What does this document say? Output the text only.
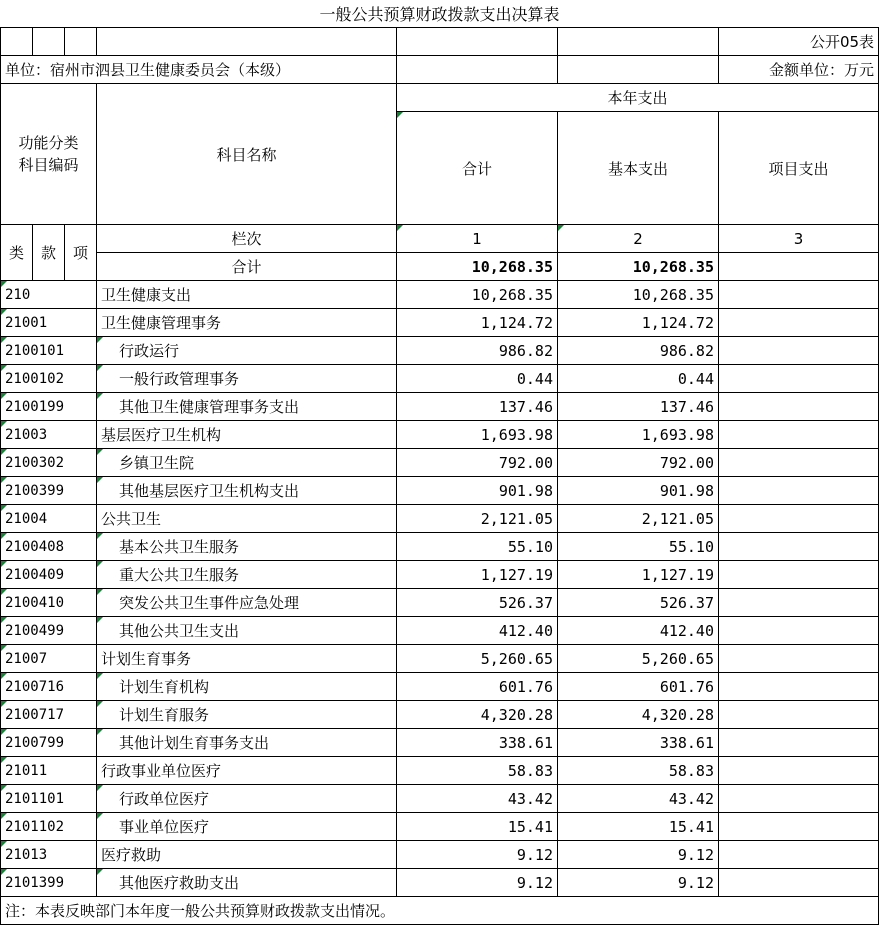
一般公共预算财政拨款支出决算表						
						公开05表
单位：宿州市泗县卫生健康委员会（本级）						金额单位：万元
功能分类
科目编码			科目名称	本年支出		
				合计	基本支出	项目支出
类	款	项	栏次	1	2	3
			合计	10,268.35	10,268.35	
210			卫生健康支出	10,268.35	10,268.35	
21001			卫生健康管理事务	1,124.72	1,124.72	
2100101			行政运行	986.82	986.82	
2100102			一般行政管理事务	0.44	0.44	
2100199			其他卫生健康管理事务支出	137.46	137.46	
21003			基层医疗卫生机构	1,693.98	1,693.98	
2100302			乡镇卫生院	792.00	792.00	
2100399			其他基层医疗卫生机构支出	901.98	901.98	
21004			公共卫生	2,121.05	2,121.05	
2100408			基本公共卫生服务	55.10	55.10	
2100409			重大公共卫生服务	1,127.19	1,127.19	
2100410			突发公共卫生事件应急处理	526.37	526.37	
2100499			其他公共卫生支出	412.40	412.40	
21007			计划生育事务	5,260.65	5,260.65	
2100716			计划生育机构	601.76	601.76	
2100717			计划生育服务	4,320.28	4,320.28	
2100799			其他计划生育事务支出	338.61	338.61	
21011			行政事业单位医疗	58.83	58.83	
2101101			行政单位医疗	43.42	43.42	
2101102			事业单位医疗	15.41	15.41	
21013			医疗救助	9.12	9.12	
2101399			其他医疗救助支出	9.12	9.12	
注：本表反映部门本年度一般公共预算财政拨款支出情况。						
